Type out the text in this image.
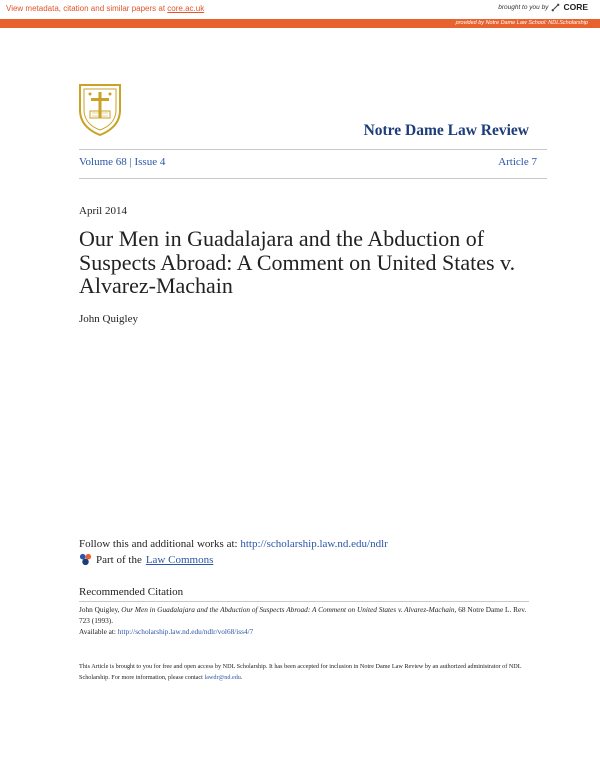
View metadata, citation and similar papers at core.ac.uk	brought to you by CORE
provided by Notre Dame Law School: NDLScholarship
Notre Dame Law Review
Volume 68 | Issue 4	Article 7
April 2014
Our Men in Guadalajara and the Abduction of Suspects Abroad: A Comment on United States v. Alvarez-Machain
John Quigley
Follow this and additional works at: http://scholarship.law.nd.edu/ndlr
Part of the Law Commons
Recommended Citation
John Quigley, Our Men in Guadalajara and the Abduction of Suspects Abroad: A Comment on United States v. Alvarez-Machain, 68 Notre Dame L. Rev. 723 (1993).
Available at: http://scholarship.law.nd.edu/ndlr/vol68/iss4/7
This Article is brought to you for free and open access by NDL Scholarship. It has been accepted for inclusion in Notre Dame Law Review by an authorized administrator of NDL Scholarship. For more information, please contact lawdr@nd.edu.
